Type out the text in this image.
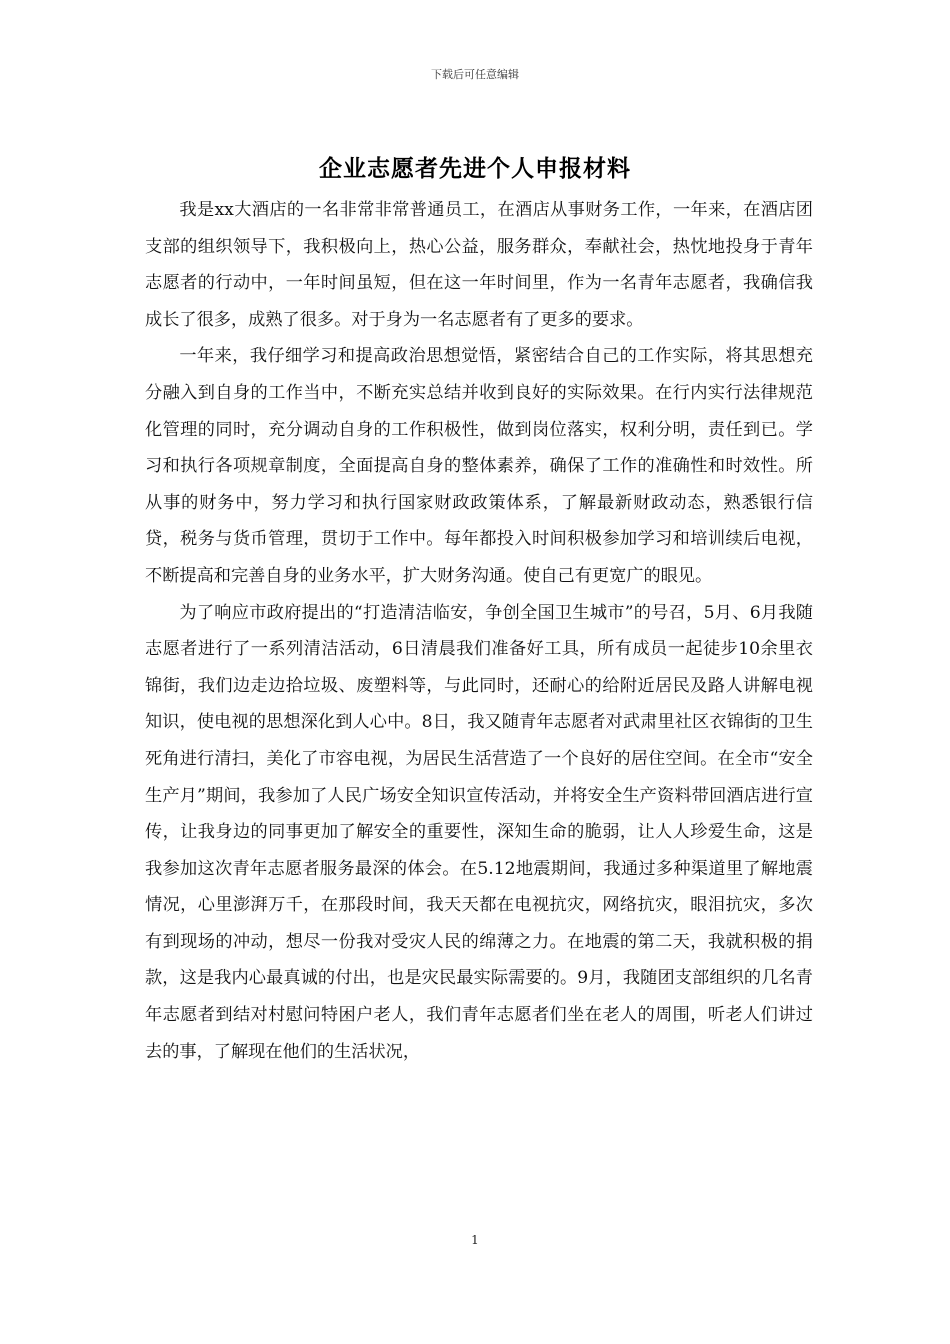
下载后可任意编辑
企业志愿者先进个人申报材料

我是xx大酒店的一名非常非常普通员工，在酒店从事财务工作，一年来，在酒店团支部的组织领导下，我积极向上，热心公益，服务群众，奉献社会，热忱地投身于青年志愿者的行动中，一年时间虽短，但在这一年时间里，作为一名青年志愿者，我确信我成长了很多，成熟了很多。对于身为一名志愿者有了更多的要求。

一年来，我仔细学习和提高政治思想觉悟，紧密结合自己的工作实际，将其思想充分融入到自身的工作当中，不断充实总结并收到良好的实际效果。在行内实行法律规范化管理的同时，充分调动自身的工作积极性，做到岗位落实，权利分明，责任到已。学习和执行各项规章制度，全面提高自身的整体素养，确保了工作的准确性和时效性。所从事的财务中，努力学习和执行国家财政政策体系，了解最新财政动态，熟悉银行信贷，税务与货币管理，贯切于工作中。每年都投入时间积极参加学习和培训续后电视，不断提高和完善自身的业务水平，扩大财务沟通。使自己有更宽广的眼见。

为了响应市政府提出的“打造清洁临安，争创全国卫生城市”的号召，5月、6月我随志愿者进行了一系列清洁活动，6日清晨我们准备好工具，所有成员一起徒步10余里衣锦街，我们边走边拾垃圾、废塑料等，与此同时，还耐心的给附近居民及路人讲解电视知识，使电视的思想深化到人心中。8日，我又随青年志愿者对武肃里社区衣锦街的卫生死角进行清扫，美化了市容电视，为居民生活营造了一个良好的居住空间。在全市“安全生产月”期间，我参加了人民广场安全知识宣传活动，并将安全生产资料带回酒店进行宣传，让我身边的同事更加了解安全的重要性，深知生命的脆弱，让人人珍爱生命，这是我参加这次青年志愿者服务最深的体会。在5.12地震期间，我通过多种渠道里了解地震情况，心里澎湃万千，在那段时间，我天天都在电视抗灾，网络抗灾，眼泪抗灾，多次有到现场的冲动，想尽一份我对受灾人民的绵薄之力。在地震的第二天，我就积极的捐款，这是我内心最真诚的付出，也是灾民最实际需要的。9月，我随团支部组织的几名青年志愿者到结对村慰问特困户老人，我们青年志愿者们坐在老人的周围，听老人们讲过去的事，了解现在他们的生活状况，

1
